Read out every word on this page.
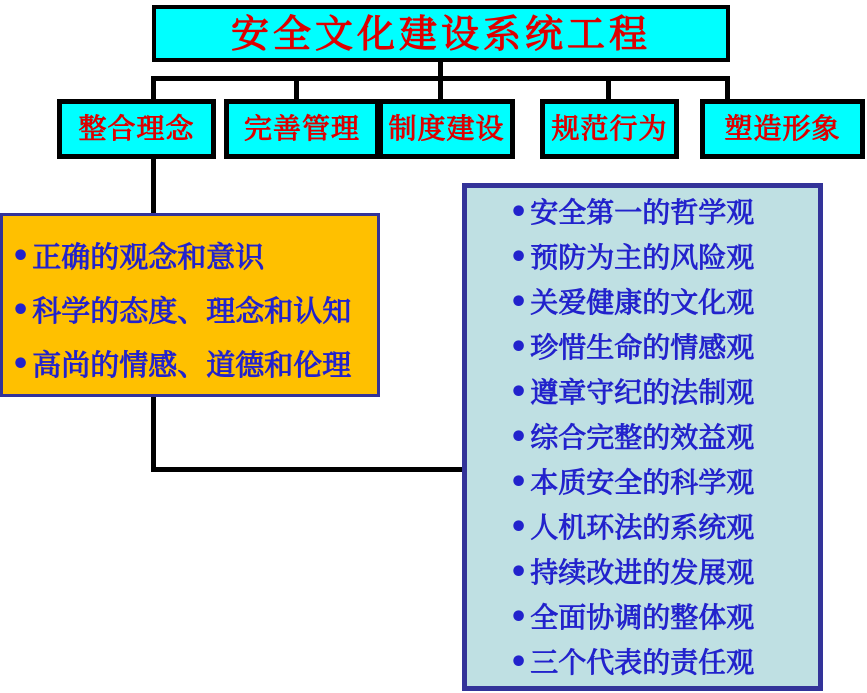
安全文化建设系统工程
整合理念 完善管理 制度建设 规范行为 塑造形象
• 正确的观念和意识
• 科学的态度、理念和认知
• 高尚的情感、道德和伦理
• 安全第一的哲学观
• 预防为主的风险观
• 关爱健康的文化观
• 珍惜生命的情感观
• 遵章守纪的法制观
• 综合完整的效益观
• 本质安全的科学观
• 人机环法的系统观
• 持续改进的发展观
• 全面协调的整体观
• 三个代表的责任观
